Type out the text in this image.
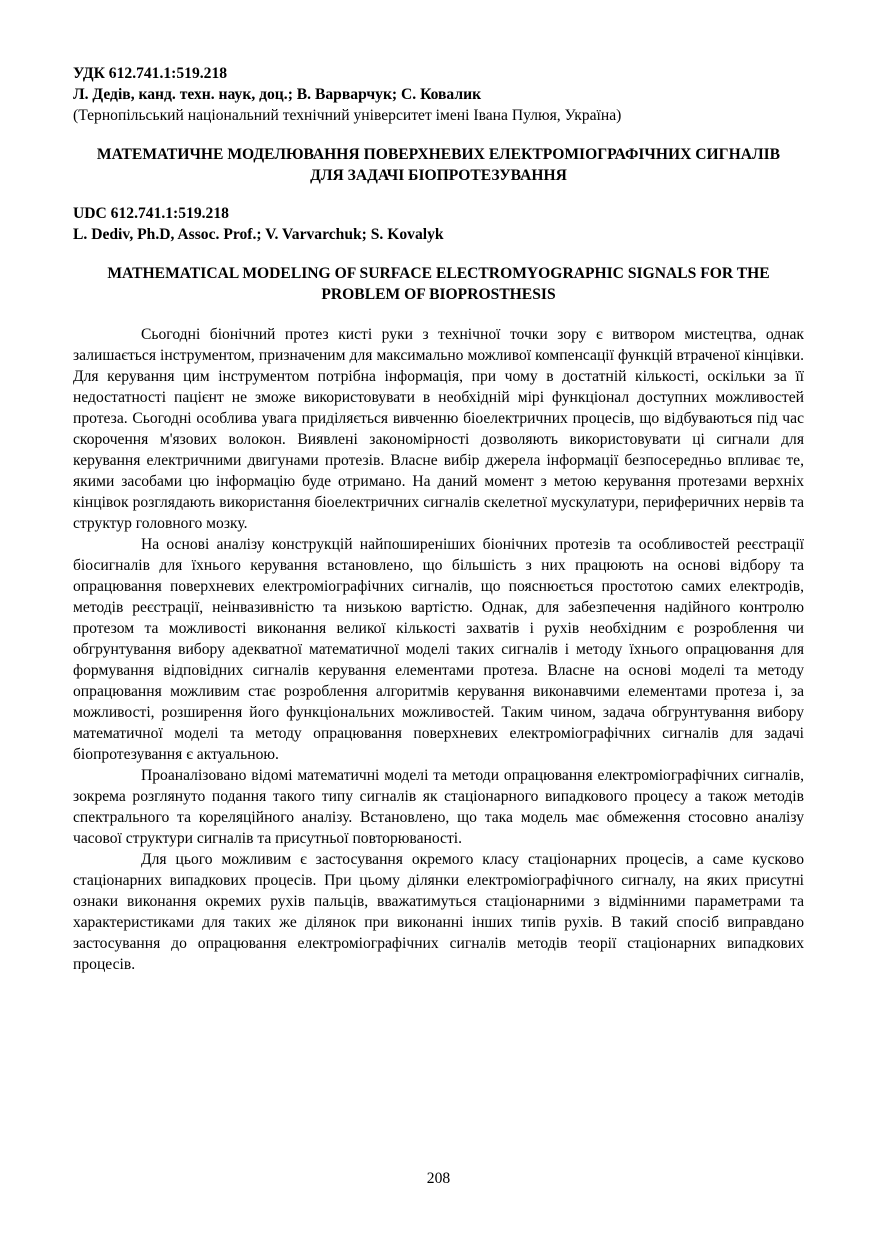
УДК 612.741.1:519.218

Л. Дедів, канд. техн. наук, доц.; В. Варварчук; С. Ковалик

(Тернопільський національний технічний університет імені Івана Пулюя, Україна)

МАТЕМАТИЧНЕ МОДЕЛЮВАННЯ ПОВЕРХНЕВИХ ЕЛЕКТРОМІОГРАФІЧНИХ СИГНАЛІВ ДЛЯ ЗАДАЧІ БІОПРОТЕЗУВАННЯ

UDC 612.741.1:519.218

L. Dediv, Ph.D, Assoc. Prof.; V. Varvarchuk; S. Kovalyk

MATHEMATICAL MODELING OF SURFACE ELECTROMYOGRAPHIC SIGNALS FOR THE PROBLEM OF BIOPROSTHESIS

Сьогодні біонічний протез кисті руки з технічної точки зору є витвором мистецтва, однак залишається інструментом, призначеним для максимально можливої компенсації функцій втраченої кінцівки. Для керування цим інструментом потрібна інформація, при чому в достатній кількості, оскільки за її недостатності пацієнт не зможе використовувати в необхідній мірі функціонал доступних можливостей протеза. Сьогодні особлива увага приділяється вивченню біоелектричних процесів, що відбуваються під час скорочення м'язових волокон. Виявлені закономірності дозволяють використовувати ці сигнали для керування електричними двигунами протезів. Власне вибір джерела інформації безпосередньо впливає те, якими засобами цю інформацію буде отримано. На даний момент з метою керування протезами верхніх кінцівок розглядають використання біоелектричних сигналів скелетної мускулатури, периферичних нервів та структур головного мозку.

На основі аналізу конструкцій найпоширеніших біонічних протезів та особливостей реєстрації біосигналів для їхнього керування встановлено, що більшість з них працюють на основі відбору та опрацювання поверхневих електроміографічних сигналів, що пояснюється простотою самих електродів, методів реєстрації, неінвазивністю та низькою вартістю. Однак, для забезпечення надійного контролю протезом та можливості виконання великої кількості захватів і рухів необхідним є розроблення чи обгрунтування вибору адекватної математичної моделі таких сигналів і методу їхнього опрацювання для формування відповідних сигналів керування елементами протеза. Власне на основі моделі та методу опрацювання можливим стає розроблення алгоритмів керування виконавчими елементами протеза і, за можливості, розширення його функціональних можливостей. Таким чином, задача обгрунтування вибору математичної моделі та методу опрацювання поверхневих електроміографічних сигналів для задачі біопротезування є актуальною.

Проаналізовано відомі математичні моделі та методи опрацювання електроміографічних сигналів, зокрема розглянуто подання такого типу сигналів як стаціонарного випадкового процесу а також методів спектрального та кореляційного аналізу. Встановлено, що така модель має обмеження стосовно аналізу часової структури сигналів та присутньої повторюваності.

Для цього можливим є застосування окремого класу стаціонарних процесів, а саме кусково стаціонарних випадкових процесів. При цьому ділянки електроміографічного сигналу, на яких присутні ознаки виконання окремих рухів пальців, вважатимуться стаціонарними з відмінними параметрами та характеристиками для таких же ділянок при виконанні інших типів рухів. В такий спосіб виправдано застосування до опрацювання електроміографічних сигналів методів теорії стаціонарних випадкових процесів.

208
